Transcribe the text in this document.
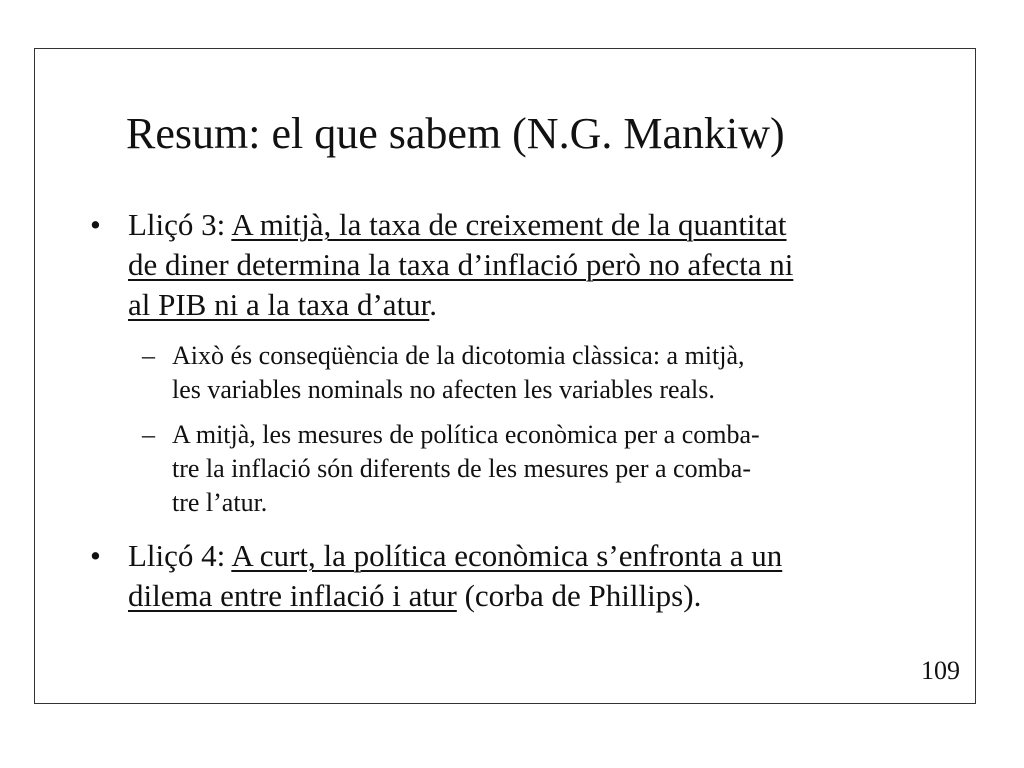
Resum: el que sabem (N.G. Mankiw)
• Lliçó 3: A mitjà, la taxa de creixement de la quantitat
de diner determina la taxa d’inflació però no afecta ni
al PIB ni a la taxa d’atur.
– Això és conseqüència de la dicotomia clàssica: a mitjà,
les variables nominals no afecten les variables reals.
– A mitjà, les mesures de política econòmica per a comba-
tre la inflació són diferents de les mesures per a comba-
tre l’atur.
• Lliçó 4: A curt, la política econòmica s’enfronta a un
dilema entre inflació i atur (corba de Phillips).
109
